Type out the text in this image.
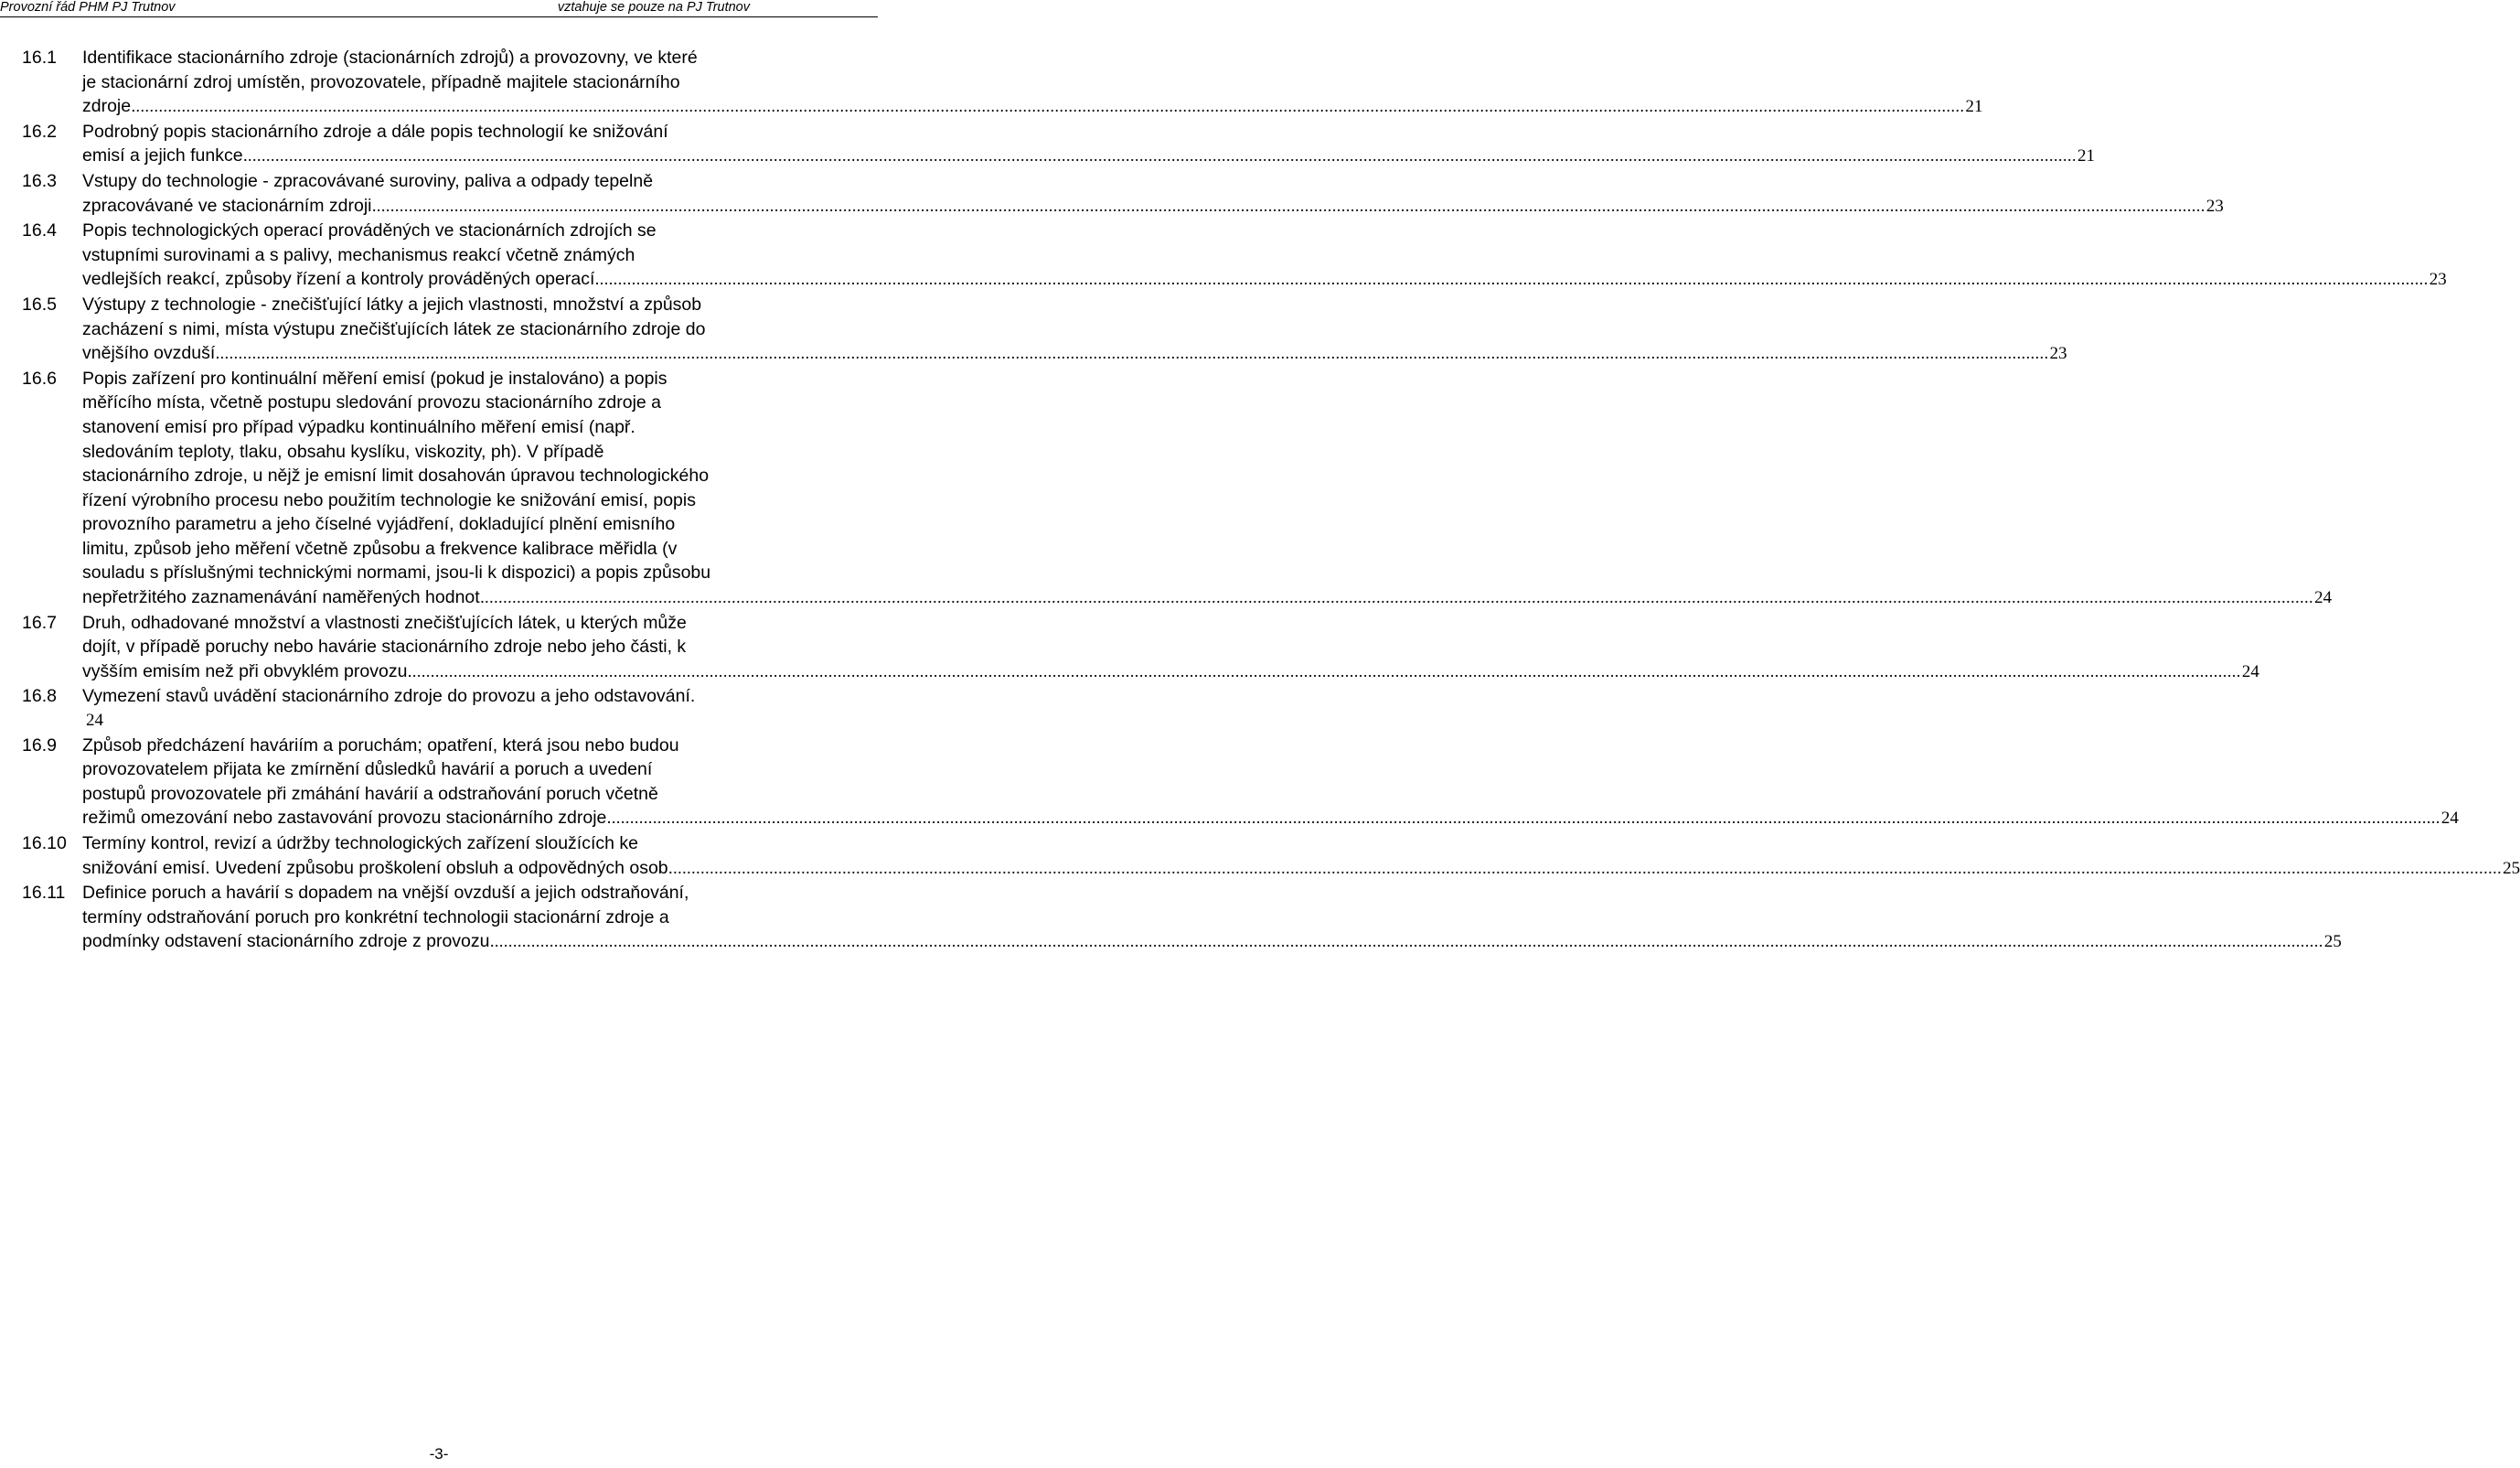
Provozní řád PHM PJ Trutnov	vztahuje se pouze na PJ Trutnov
16.1 Identifikace stacionárního zdroje (stacionárních zdrojů) a provozovny, ve které
je stacionární zdroj umístěn, provozovatele, případně majitele stacionárního
zdroje. ................................................................................................................................................................................................................................................................................................................................................................................................................ 21
16.2 Podrobný popis stacionárního zdroje a dále popis technologií ke snižování
emisí a jejich funkce. ................................................................................................................................................................................................................................................................................................................................................................................................................ 21
16.3 Vstupy do technologie - zpracovávané suroviny, paliva a odpady tepelně
zpracovávané ve stacionárním zdroji. ................................................................................................................................................................................................................................................................................................................................................................................................................ 23
16.4 Popis technologických operací prováděných ve stacionárních zdrojích se
vstupními surovinami a s palivy, mechanismus reakcí včetně známých
vedlejších reakcí, způsoby řízení a kontroly prováděných operací. ................................................................................................................................................................................................................................................................................................................................................................................................................ 23
16.5 Výstupy z technologie - znečišťující látky a jejich vlastnosti, množství a způsob
zacházení s nimi, místa výstupu znečišťujících látek ze stacionárního zdroje do
vnějšího ovzduší. ................................................................................................................................................................................................................................................................................................................................................................................................................ 23
16.6 Popis zařízení pro kontinuální měření emisí (pokud je instalováno) a popis
měřícího místa, včetně postupu sledování provozu stacionárního zdroje a
stanovení emisí pro případ výpadku kontinuálního měření emisí (např.
sledováním teploty, tlaku, obsahu kyslíku, viskozity, ph). V případě
stacionárního zdroje, u nějž je emisní limit dosahován úpravou technologického
řízení výrobního procesu nebo použitím technologie ke snižování emisí, popis
provozního parametru a jeho číselné vyjádření, dokladující plnění emisního
limitu, způsob jeho měření včetně způsobu a frekvence kalibrace měřidla (v
souladu s příslušnými technickými normami, jsou-li k dispozici) a popis způsobu
nepřetržitého zaznamenávání naměřených hodnot. ................................................................................................................................................................................................................................................................................................................................................................................................................ 24
16.7 Druh, odhadované množství a vlastnosti znečišťujících látek, u kterých může
dojít, v případě poruchy nebo havárie stacionárního zdroje nebo jeho části, k
vyšším emisím než při obvyklém provozu. ................................................................................................................................................................................................................................................................................................................................................................................................................ 24
16.8 Vymezení stavů uvádění stacionárního zdroje do provozu a jeho odstavování.
24
16.9 Způsob předcházení haváriím a poruchám; opatření, která jsou nebo budou
provozovatelem přijata ke zmírnění důsledků havárií a poruch a uvedení
postupů provozovatele při zmáhání havárií a odstraňování poruch včetně
režimů omezování nebo zastavování provozu stacionárního zdroje. ................................................................................................................................................................................................................................................................................................................................................................................................................ 24
16.10 Termíny kontrol, revizí a údržby technologických zařízení sloužících ke
snižování emisí. Uvedení způsobu proškolení obsluh a odpovědných osob. ................................................................................................................................................................................................................................................................................................................................................................................................................ 25
16.11 Definice poruch a havárií s dopadem na vnější ovzduší a jejich odstraňování,
termíny odstraňování poruch pro konkrétní technologii stacionární zdroje a
podmínky odstavení stacionárního zdroje z provozu. ................................................................................................................................................................................................................................................................................................................................................................................................................ 25
-3-
